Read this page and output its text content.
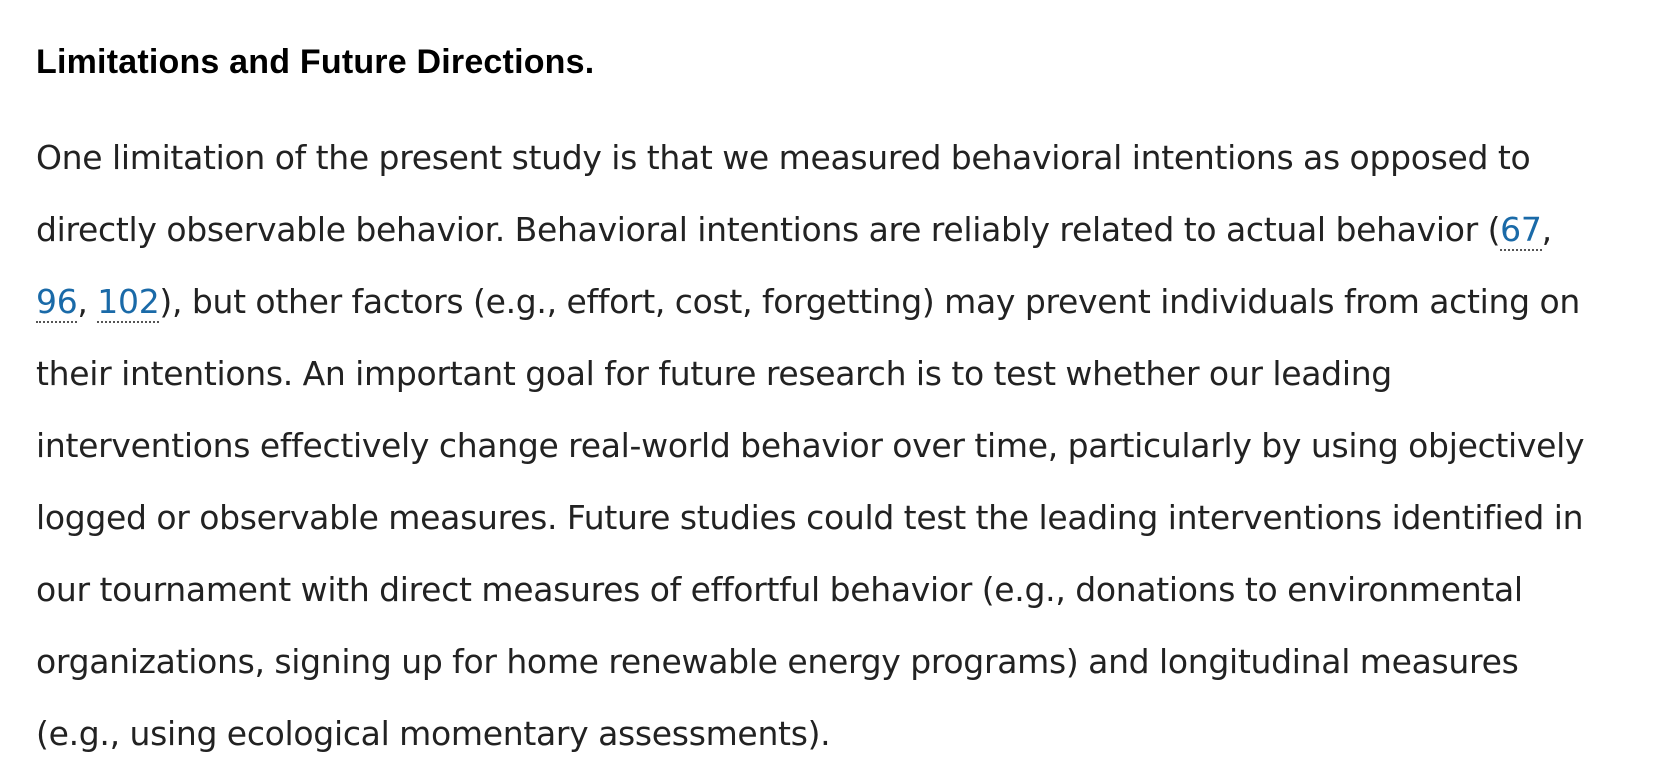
Limitations and Future Directions.

One limitation of the present study is that we measured behavioral intentions as opposed to
directly observable behavior. Behavioral intentions are reliably related to actual behavior (67,
96, 102), but other factors (e.g., effort, cost, forgetting) may prevent individuals from acting on
their intentions. An important goal for future research is to test whether our leading
interventions effectively change real-world behavior over time, particularly by using objectively
logged or observable measures. Future studies could test the leading interventions identified in
our tournament with direct measures of effortful behavior (e.g., donations to environmental
organizations, signing up for home renewable energy programs) and longitudinal measures
(e.g., using ecological momentary assessments).
